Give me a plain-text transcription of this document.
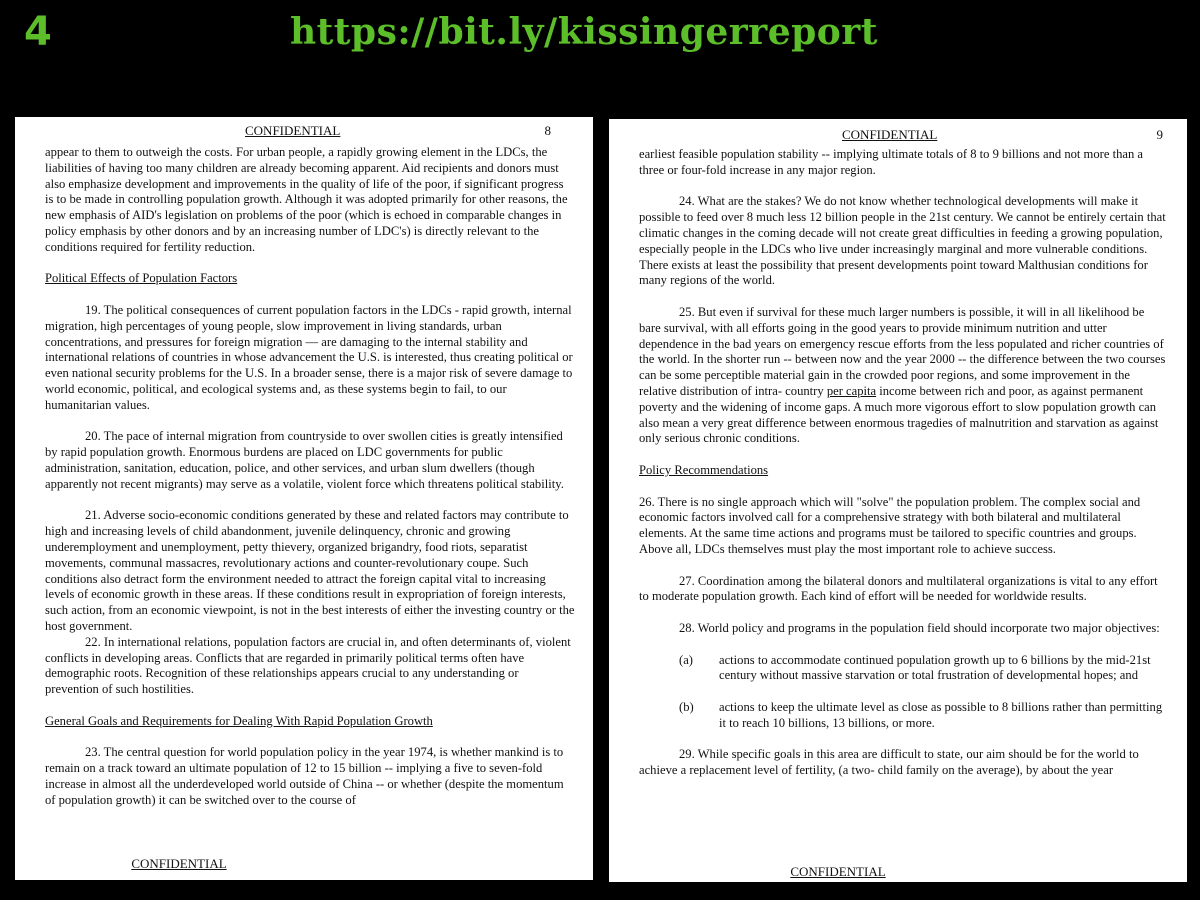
4	https://bit.ly/kissingerreport
CONFIDENTIAL	8

appear to them to outweigh the costs. For urban people, a rapidly growing element in the LDCs, the liabilities of having too many children are already becoming apparent. Aid recipients and donors must also emphasize development and improvements in the quality of life of the poor, if significant progress is to be made in controlling population growth. Although it was adopted primarily for other reasons, the new emphasis of AID's legislation on problems of the poor (which is echoed in comparable changes in policy emphasis by other donors and by an increasing number of LDC's) is directly relevant to the conditions required for fertility reduction.

Political Effects of Population Factors

19. The political consequences of current population factors in the LDCs - rapid growth, internal migration, high percentages of young people, slow improvement in living standards, urban concentrations, and pressures for foreign migration — are damaging to the internal stability and international relations of countries in whose advancement the U.S. is interested, thus creating political or even national security problems for the U.S. In a broader sense, there is a major risk of severe damage to world economic, political, and ecological systems and, as these systems begin to fail, to our humanitarian values.

20. The pace of internal migration from countryside to over swollen cities is greatly intensified by rapid population growth. Enormous burdens are placed on LDC governments for public administration, sanitation, education, police, and other services, and urban slum dwellers (though apparently not recent migrants) may serve as a volatile, violent force which threatens political stability.

21. Adverse socio-economic conditions generated by these and related factors may contribute to high and increasing levels of child abandonment, juvenile delinquency, chronic and growing underemployment and unemployment, petty thievery, organized brigandry, food riots, separatist movements, communal massacres, revolutionary actions and counter-revolutionary coupe. Such conditions also detract form the environment needed to attract the foreign capital vital to increasing levels of economic growth in these areas. If these conditions result in expropriation of foreign interests, such action, from an economic viewpoint, is not in the best interests of either the investing country or the host government.

22. In international relations, population factors are crucial in, and often determinants of, violent conflicts in developing areas. Conflicts that are regarded in primarily political terms often have demographic roots. Recognition of these relationships appears crucial to any understanding or prevention of such hostilities.

General Goals and Requirements for Dealing With Rapid Population Growth

23. The central question for world population policy in the year 1974, is whether mankind is to remain on a track toward an ultimate population of 12 to 15 billion -- implying a five to seven-fold increase in almost all the underdeveloped world outside of China -- or whether (despite the momentum of population growth) it can be switched over to the course of

CONFIDENTIAL
CONFIDENTIAL	9

earliest feasible population stability -- implying ultimate totals of 8 to 9 billions and not more than a three or four-fold increase in any major region.

24. What are the stakes? We do not know whether technological developments will make it possible to feed over 8 much less 12 billion people in the 21st century. We cannot be entirely certain that climatic changes in the coming decade will not create great difficulties in feeding a growing population, especially people in the LDCs who live under increasingly marginal and more vulnerable conditions. There exists at least the possibility that present developments point toward Malthusian conditions for many regions of the world.

25. But even if survival for these much larger numbers is possible, it will in all likelihood be bare survival, with all efforts going in the good years to provide minimum nutrition and utter dependence in the bad years on emergency rescue efforts from the less populated and richer countries of the world. In the shorter run -- between now and the year 2000 -- the difference between the two courses can be some perceptible material gain in the crowded poor regions, and some improvement in the relative distribution of intra- country per capita income between rich and poor, as against permanent poverty and the widening of income gaps. A much more vigorous effort to slow population growth can also mean a very great difference between enormous tragedies of malnutrition and starvation as against only serious chronic conditions.

Policy Recommendations

26. There is no single approach which will "solve" the population problem. The complex social and economic factors involved call for a comprehensive strategy with both bilateral and multilateral elements. At the same time actions and programs must be tailored to specific countries and groups. Above all, LDCs themselves must play the most important role to achieve success.

27. Coordination among the bilateral donors and multilateral organizations is vital to any effort to moderate population growth. Each kind of effort will be needed for worldwide results.

28. World policy and programs in the population field should incorporate two major objectives:

(a)	actions to accommodate continued population growth up to 6 billions by the mid-21st century without massive starvation or total frustration of developmental hopes; and
(b)	actions to keep the ultimate level as close as possible to 8 billions rather than permitting it to reach 10 billions, 13 billions, or more.

29. While specific goals in this area are difficult to state, our aim should be for the world to achieve a replacement level of fertility, (a two- child family on the average), by about the year

CONFIDENTIAL
